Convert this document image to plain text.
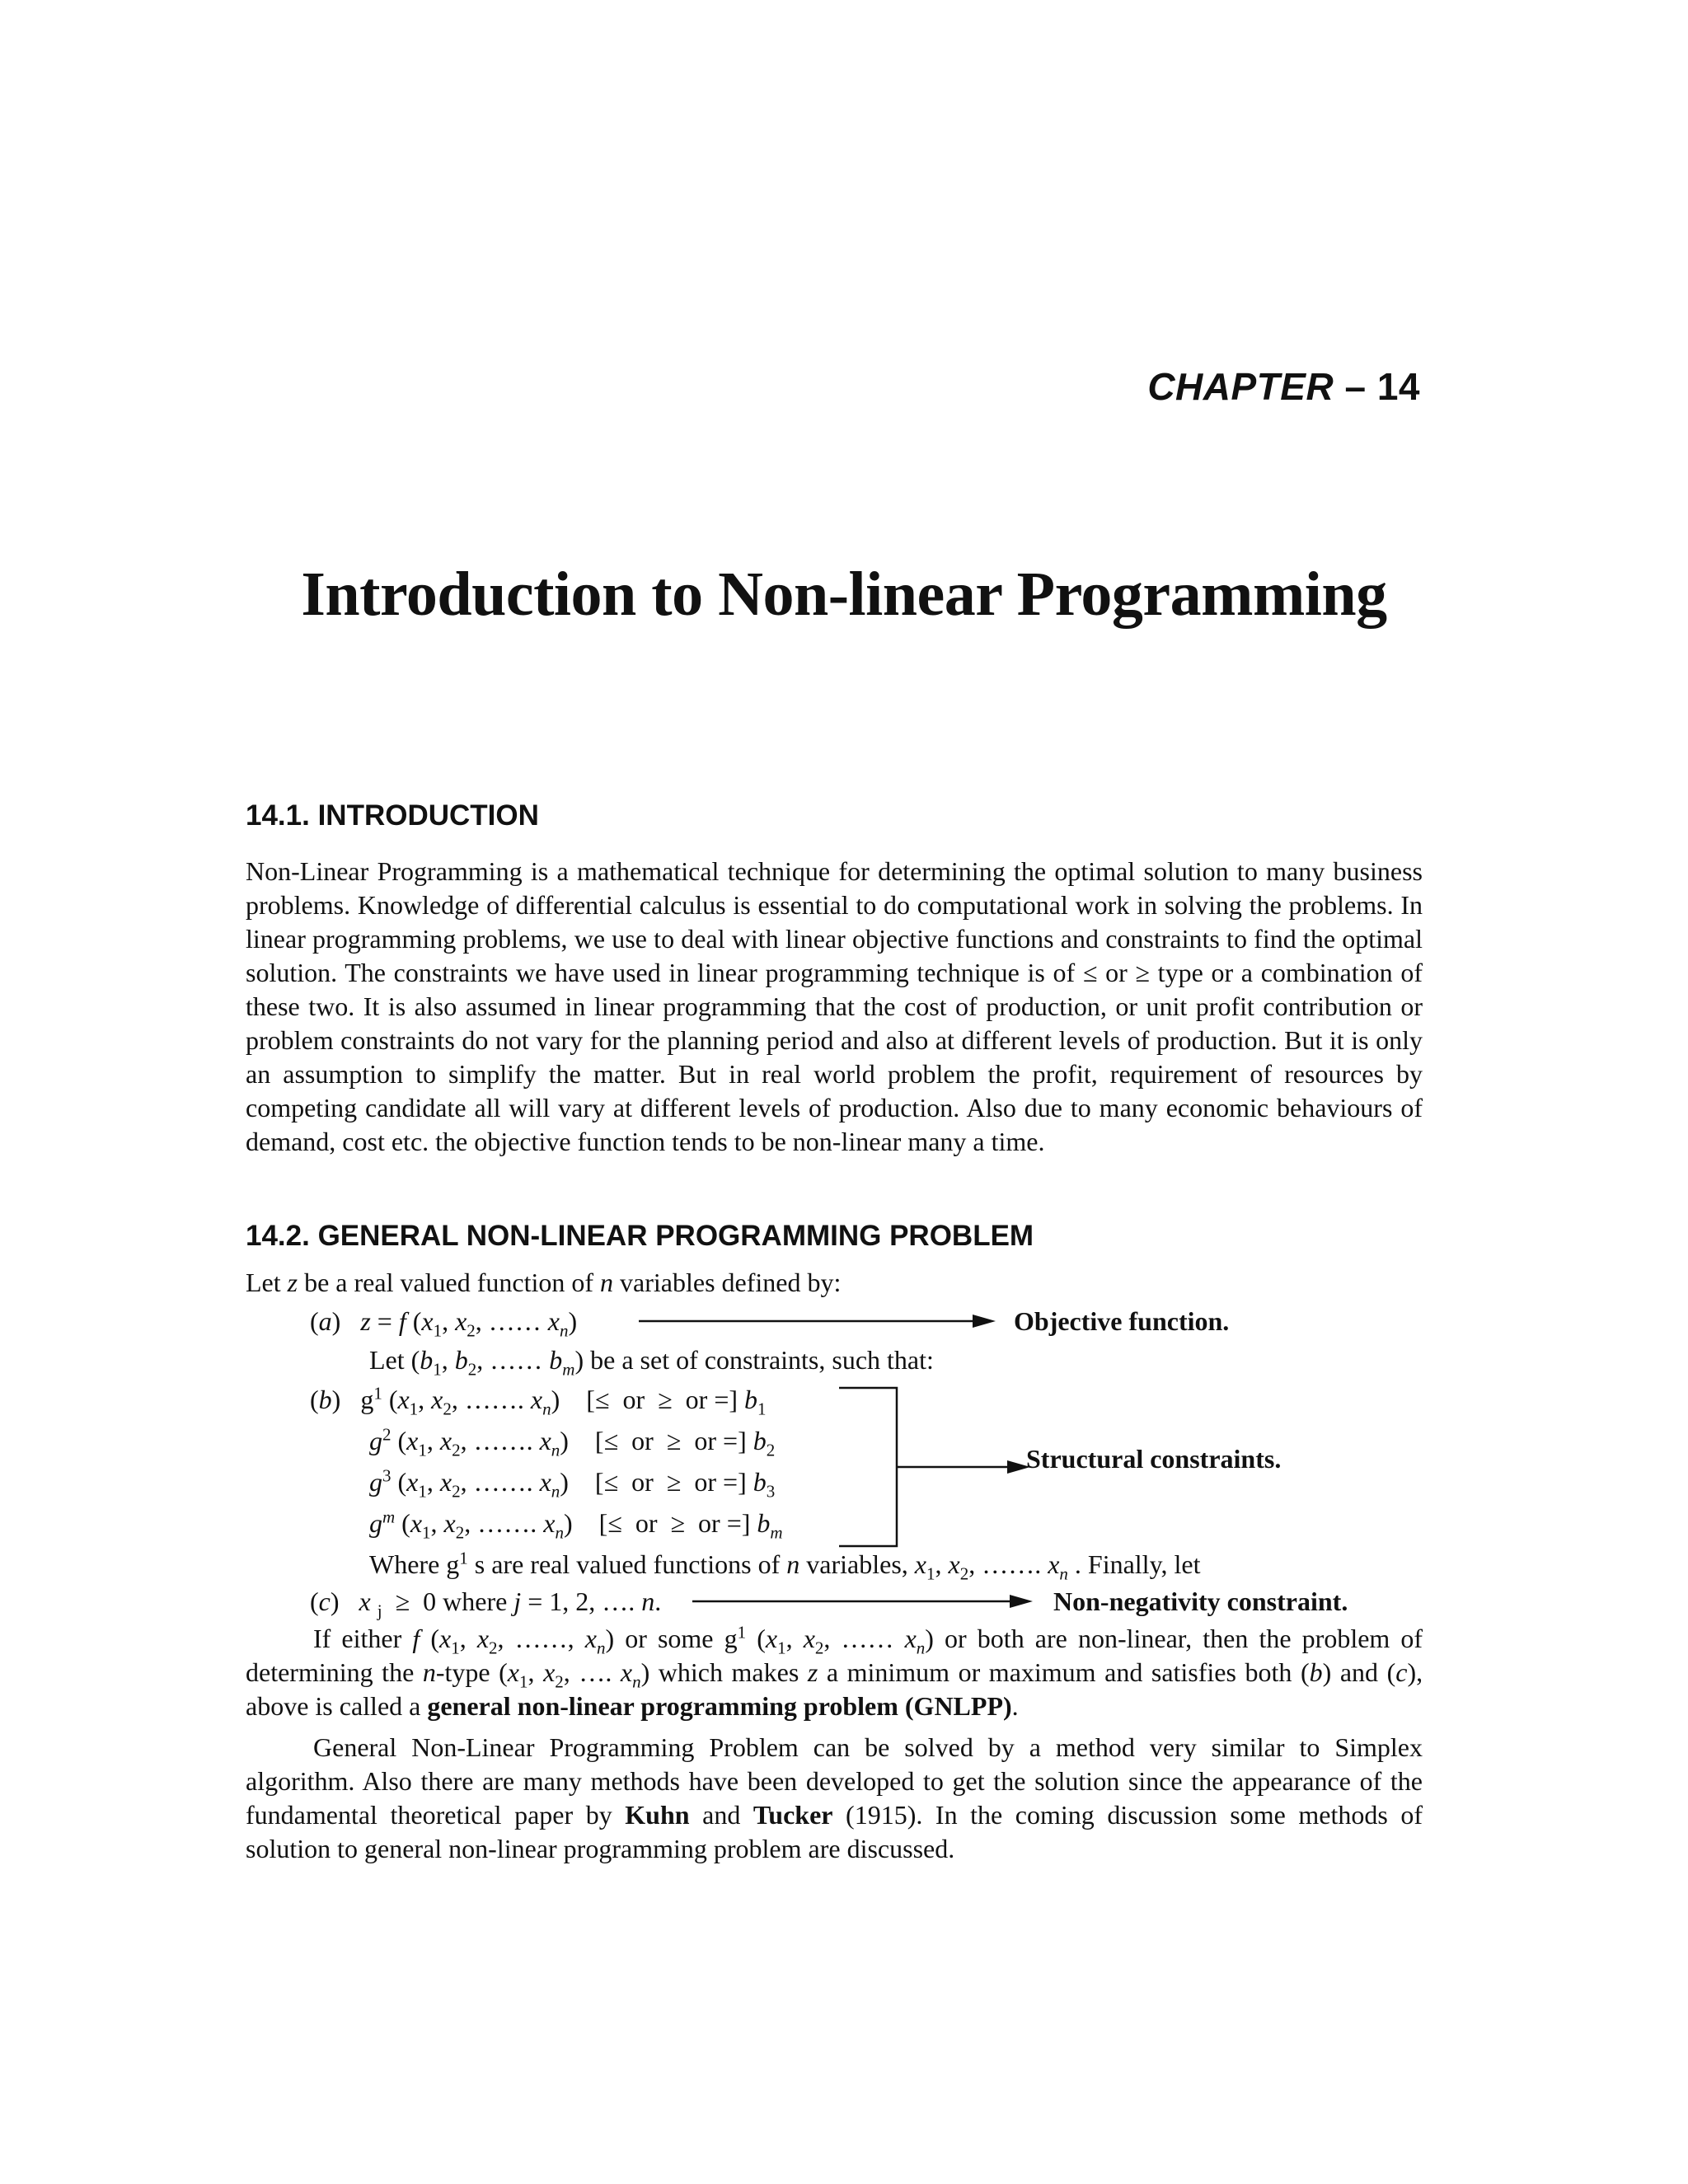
CHAPTER – 14
Introduction to Non-linear Programming
14.1. INTRODUCTION
Non-Linear Programming is a mathematical technique for determining the optimal solution to many business problems. Knowledge of differential calculus is essential to do computational work in solving the problems. In linear programming problems, we use to deal with linear objective functions and constraints to find the optimal solution. The constraints we have used in linear programming technique is of ≤ or ≥ type or a combination of these two. It is also assumed in linear programming that the cost of production, or unit profit contribution or problem constraints do not vary for the planning period and also at different levels of production. But it is only an assumption to simplify the matter. But in real world problem the profit, requirement of resources by competing candidate all will vary at different levels of production. Also due to many economic behaviours of demand, cost etc. the objective function tends to be non-linear many a time.
14.2. GENERAL NON-LINEAR PROGRAMMING PROBLEM
Let z be a real valued function of n variables defined by:
(a)   z = f ($x_1$, $x_2$, …… $x_n$)	Objective function.
Let ($b_1$, $b_2$, …… $b_m$) be a set of constraints, such that:
(b)   $g^1$ ($x_1$, $x_2$, ……. $x_n$)    [≤  or  ≥  or =] $b_1$
$g^2$ ($x_1$, $x_2$, ……. $x_n$)    [≤  or  ≥  or =] $b_2$
$g^3$ ($x_1$, $x_2$, ……. $x_n$)    [≤  or  ≥  or =] $b_3$
$g^m$ ($x_1$, $x_2$, ……. $x_n$)    [≤  or  ≥  or =] $b_m$
Structural constraints.
Where $g^1$ s are real valued functions of n variables, $x_1$, $x_2$, ……. $x_n$ . Finally, let
(c)   x $_j$  ≥  0 where j = 1, 2, …. n.	Non-negativity constraint.
If either f ($x_1$, $x_2$, ……, $x_n$) or some $g^1$ ($x_1$, $x_2$, …… $x_n$) or both are non-linear, then the problem of determining the n-type ($x_1$, $x_2$, …. $x_n$) which makes z a minimum or maximum and satisfies both (b) and (c), above is called a general non-linear programming problem (GNLPP).
General Non-Linear Programming Problem can be solved by a method very similar to Simplex algorithm. Also there are many methods have been developed to get the solution since the appearance of the fundamental theoretical paper by Kuhn and Tucker (1915). In the coming discussion some methods of solution to general non-linear programming problem are discussed.
